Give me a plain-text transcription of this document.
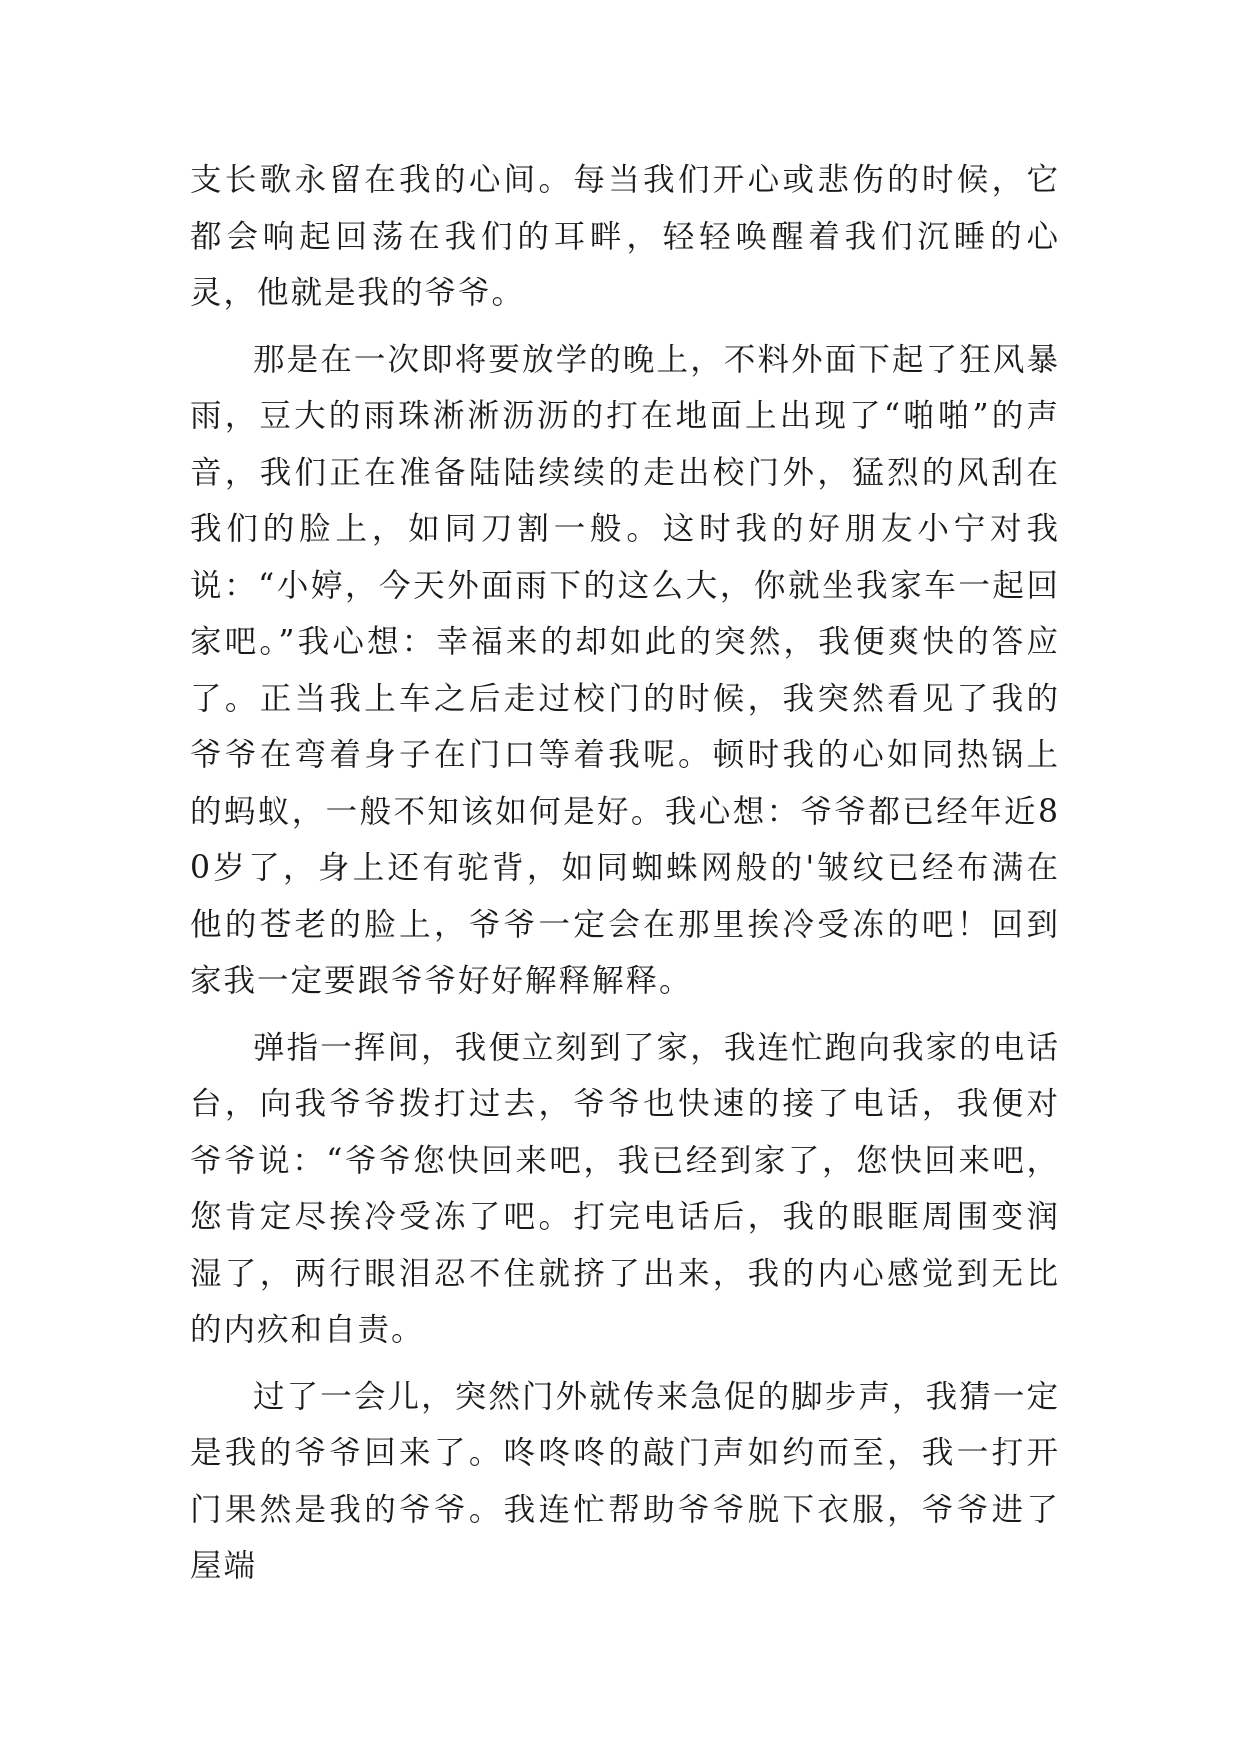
支长歌永留在我的心间。每当我们开心或悲伤的时候，它都会响起回荡在我们的耳畔，轻轻唤醒着我们沉睡的心灵，他就是我的爷爷。

那是在一次即将要放学的晚上，不料外面下起了狂风暴雨，豆大的雨珠淅淅沥沥的打在地面上出现了“啪啪”的声音，我们正在准备陆陆续续的走出校门外，猛烈的风刮在我们的脸上，如同刀割一般。这时我的好朋友小宁对我说：“小婷，今天外面雨下的这么大，你就坐我家车一起回家吧。”我心想：幸福来的却如此的突然，我便爽快的答应了。正当我上车之后走过校门的时候，我突然看见了我的爷爷在弯着身子在门口等着我呢。顿时我的心如同热锅上的蚂蚁，一般不知该如何是好。我心想：爷爷都已经年近80岁了，身上还有驼背，如同蜘蛛网般的'皱纹已经布满在他的苍老的脸上，爷爷一定会在那里挨冷受冻的吧！回到家我一定要跟爷爷好好解释解释。

弹指一挥间，我便立刻到了家，我连忙跑向我家的电话台，向我爷爷拨打过去，爷爷也快速的接了电话，我便对爷爷说：“爷爷您快回来吧，我已经到家了，您快回来吧，您肯定尽挨冷受冻了吧。打完电话后，我的眼眶周围变润湿了，两行眼泪忍不住就挤了出来，我的内心感觉到无比的内疚和自责。

过了一会儿，突然门外就传来急促的脚步声，我猜一定是我的爷爷回来了。咚咚咚的敲门声如约而至，我一打开门果然是我的爷爷。我连忙帮助爷爷脱下衣服，爷爷进了屋端
